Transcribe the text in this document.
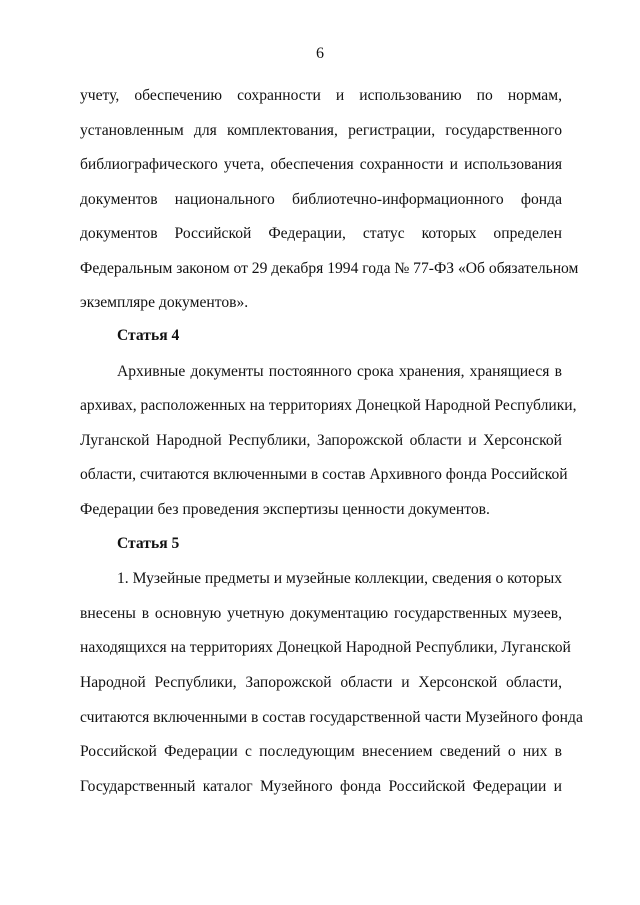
6
учету, обеспечению сохранности и использованию по нормам,
установленным для комплектования, регистрации, государственного
библиографического учета, обеспечения сохранности и использования
документов национального библиотечно-информационного фонда
документов Российской Федерации, статус которых определен
Федеральным законом от 29 декабря 1994 года № 77-ФЗ «Об обязательном
экземпляре документов».
Статья 4
Архивные документы постоянного срока хранения, хранящиеся в
архивах, расположенных на территориях Донецкой Народной Республики,
Луганской Народной Республики, Запорожской области и Херсонской
области, считаются включенными в состав Архивного фонда Российской
Федерации без проведения экспертизы ценности документов.
Статья 5
1. Музейные предметы и музейные коллекции, сведения о которых
внесены в основную учетную документацию государственных музеев,
находящихся на территориях Донецкой Народной Республики, Луганской
Народной Республики, Запорожской области и Херсонской области,
считаются включенными в состав государственной части Музейного фонда
Российской Федерации с последующим внесением сведений о них в
Государственный каталог Музейного фонда Российской Федерации и
